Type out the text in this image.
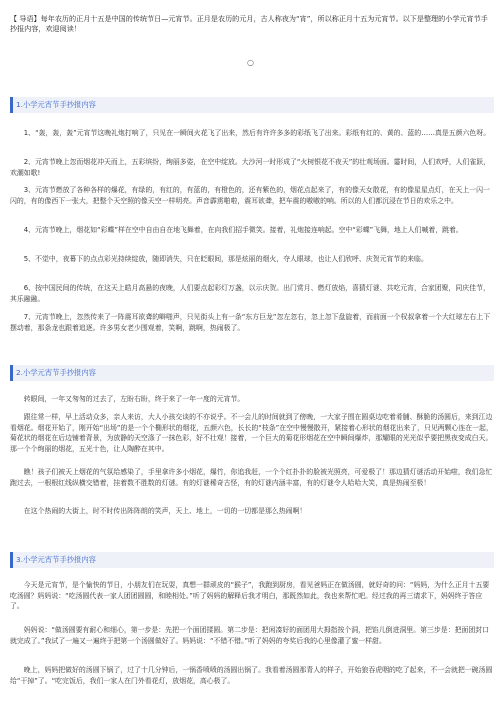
【 导语】每年农历的正月十五是中国的传统节日—元宵节。正月是农历的元月，古人称夜为“宵”，所以称正月十五为元宵节。以下是整理的小学元宵节手抄报内容，欢迎阅读！
○
1.小学元宵节手抄报内容
1、“轰，轰，轰”元宵节这晚礼炮打响了，只见在一瞬间火花飞了出来，然后有许许多多的彩纸飞了出来。彩纸有红的、黄的、蓝的……真是五颜六色呀。
2、元宵节晚上忽而烟花冲天而上，五彩缤纷，绚丽多姿，在空中绽放。大沙河一时形成了“火树银花不夜天”的壮观场面。霎时间，人们欢呼，人们雀跃，欢潮如歌!
3、元宵节燃放了各种各样的爆花，有绿的，有红的，有蓝的，有橙色的，还有紫色的，烟花点起来了，有的像天女散花，有的像星星点灯，在天上一闪一闪的，有的像西下一张大，把整个天空照的像天空一样明亮。声音霹雳啪啦，震耳欲聋，把车震的嗷嗷的响。所以的人们都沉浸在节日的欢乐之中。
4、元宵节晚上，烟花如“彩蝶”样在空中自由自在地飞舞着，在向我们招手微笑。接着，礼炮接连响起。空中“彩蝶”飞舞，地上人们喊着，跳着。
5、不觉中，夜幕下的点点彩光持续绽放，随即消失，只在眨眼间，那是炫丽的烟火，夺人眼球，也让人们欣呼、庆贺元宵节的来临。
6、按中国民间的传统，在这天上皓月高悬的夜晚，人们要点起彩灯万盏，以示庆贺。出门赏月、燃灯放焰，喜猜灯谜、共吃元宵，合家团聚，同庆佳节，其乐融融。
7、元宵节晚上，忽然传来了一阵震耳欲聋的噼啪声，只见街头上有一条“东方巨龙”忽左忽右，忽上忽下盘旋着，而前面一个权叔拿着一个大红球左右上下摆动着，那条龙也跟着追逐。许多男女老少围观着，笑啊，跳啊，热闹极了。
2.小学元宵节手抄报内容
转眼间，一年又匆匆的过去了，左盼右盼，终于来了一年一度的元宵节。
跟往常一样，早上活动众多，亲人来访，大人小孩交谈的不亦说乎。不一会儿的时间就到了傍晚，一大家子围在圆桌边吃着肴脯、酥脆的汤圆后，来到江边看烟花。烟花开始了，刚开始“出场”的是一个个椭形状的烟花，五颜六色，长长的“枝条”在空中慢慢散开，紧接着心形状的烟花出来了，只见两颗心连在一起，菊花状的烟花在后边铺着背景，为放静的天空涤了一抹色彩，好不壮观！接着，一个巨大的菊花形烟花在空中瞬间爆炸，那耀眼的光光似乎要把黑夜变成白天。那一个个绚丽的烟花，五光十色，让人陶醉在其中。
瞧！孩子们被天上烟花的气氛给感染了，手里拿许多小烟花，爆竹，你追我赶，一个个红扑扑的脸被光照亮，可爱极了！那边猜灯谜活动开始啦，我们急忙跑过去，一根根红线纵横交错着，挂着数不胜数的灯谜。有的灯谜稀奇古怪，有的灯谜内涵丰富，有的灯谜令人哈哈大笑，真是热闹至极！
在这个热闹的大街上，时不时传出阵阵朗的笑声，天上、地上，一切的一切都是那么热闹啊！
3.小学元宵节手抄报内容
今天是元宵节，是个愉快的节日，小朋友们在玩耍，真想一群顽皮的“猴子”，我跑到厨房，看见爸妈正在做汤圆，就好奇的问：“妈妈，为什么正月十五要吃汤圆？妈妈说：“吃汤圆代表一家人团团圆圆，和睦相处。”听了妈妈的解释后我才明白，那既然如此，我也来帮忙吧。经过我的再三请求下，妈妈终于答应了。
妈妈说：“做汤圆要有耐心和细心，第一步是：先把一个面团揉圆。第二步是：把闲凑好的面团用大拇指按个洞，把馅儿倒进洞里。第三步是：把面团封口就完成了。”我试了一遍又一遍终于把第一个汤圆做好了。妈妈说：“不错不错。”听了妈妈的夸奖后我的心里像灌了蜜一样甜。
晚上，妈妈把做好的汤圆下锅了，过了十几分钟后，一锅香喷喷的汤圆出锅了。我看着汤圆那青人的样子，开始狼吞虎咽的吃了起来，不一会就把一碗汤圆给“干掉”了。“吃完饭后，我们一家人在门外看花灯，放烟花，高心极了。
